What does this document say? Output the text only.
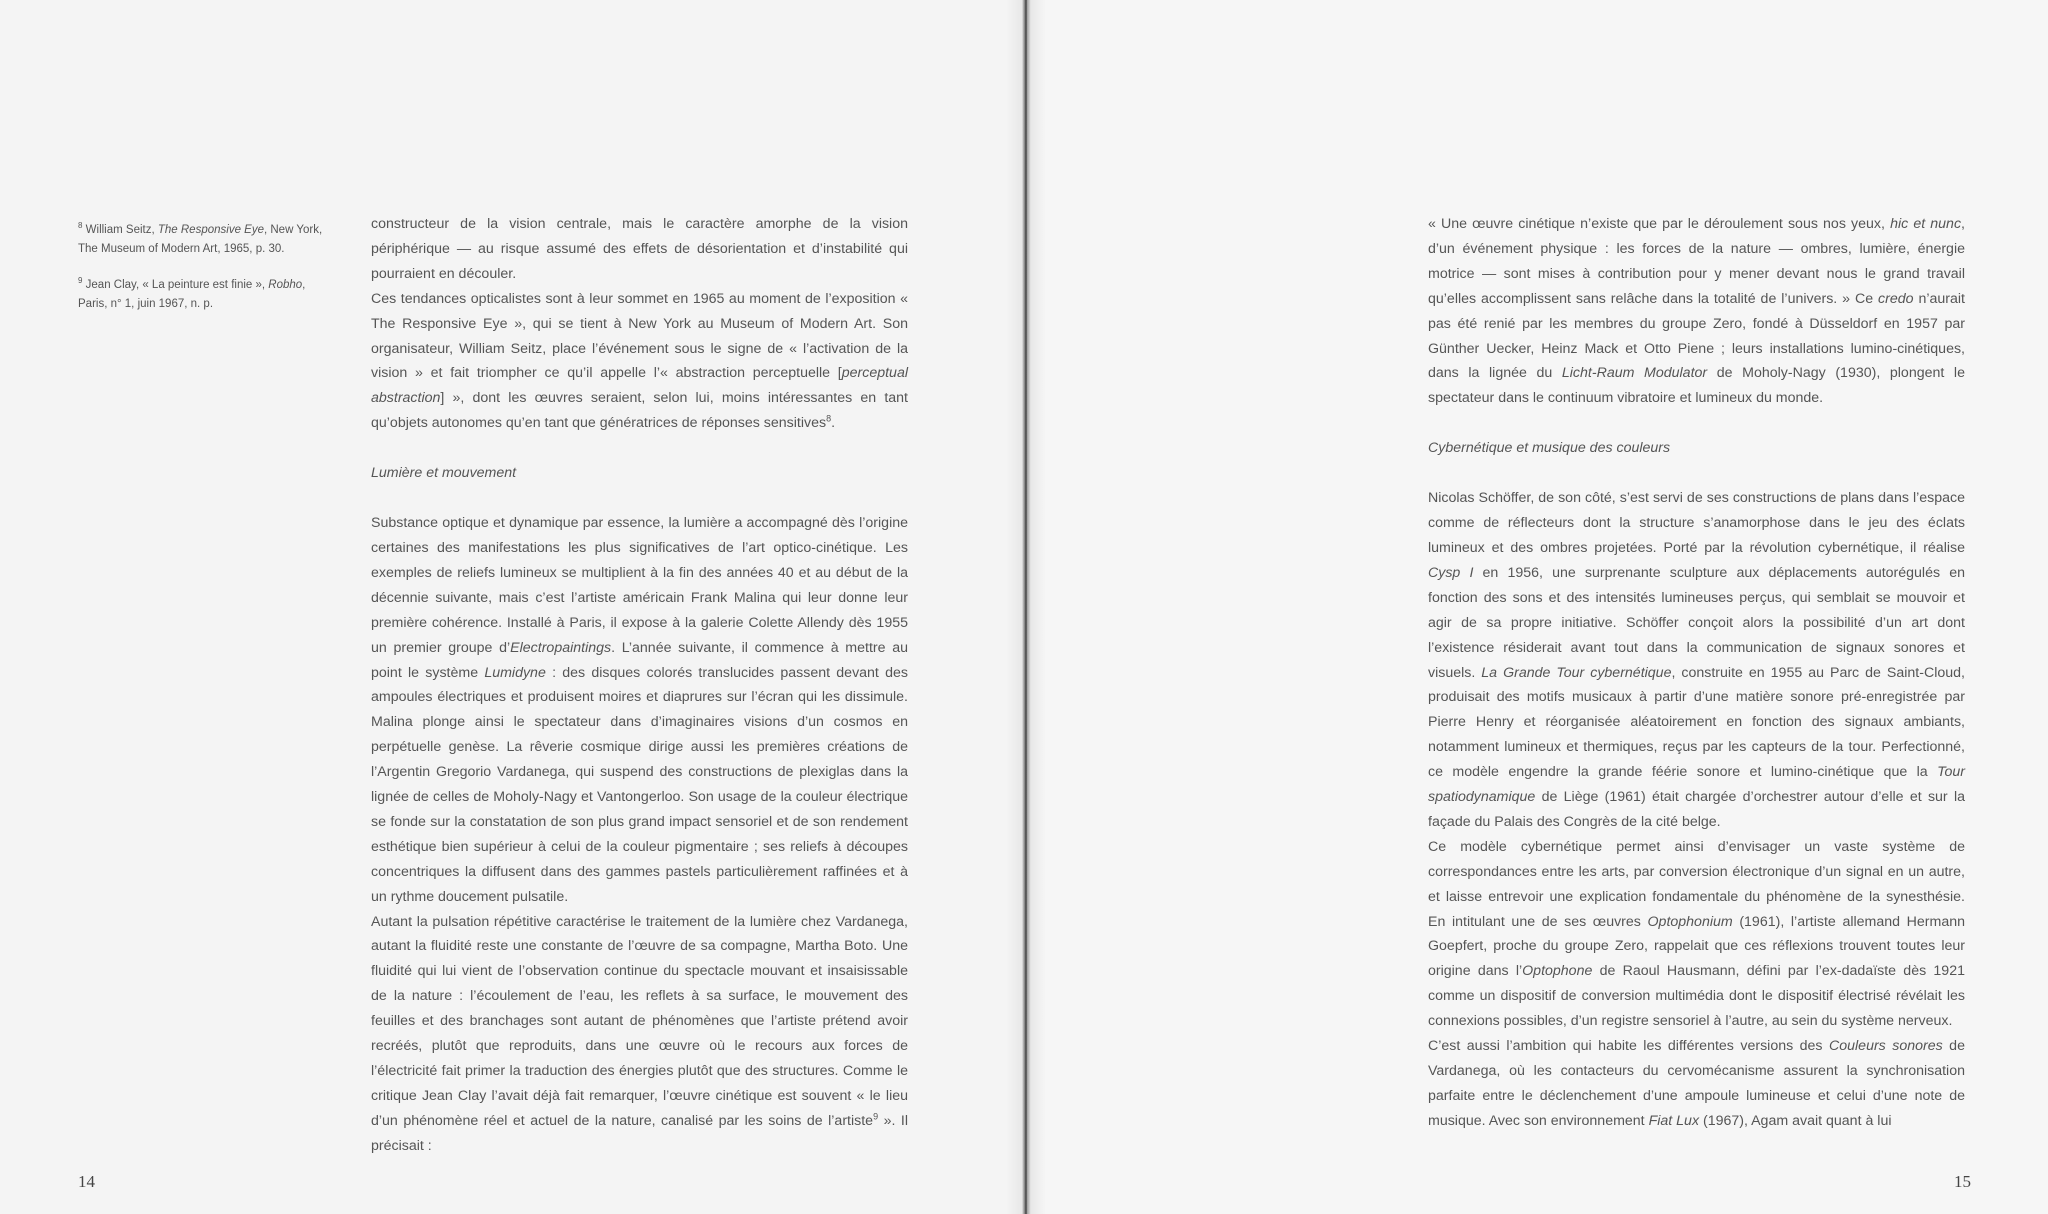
$^8$ William Seitz, The Responsive Eye, New York, The Museum of Modern Art, 1965, p. 30.

$^9$ Jean Clay, « La peinture est finie », Robho, Paris, n° 1, juin 1967, n. p.

constructeur de la vision centrale, mais le caractère amorphe de la vision périphérique — au risque assumé des effets de désorientation et d’instabilité qui pourraient en découler.

Ces tendances opticalistes sont à leur sommet en 1965 au moment de l’exposition « The Responsive Eye », qui se tient à New York au Museum of Modern Art. Son organisateur, William Seitz, place l’événement sous le signe de « l’activation de la vision » et fait triompher ce qu’il appelle l’« abstraction perceptuelle [perceptual abstraction] », dont les œuvres seraient, selon lui, moins intéressantes en tant qu’objets autonomes qu’en tant que génératrices de réponses sensitives$^8$.

Lumière et mouvement

Substance optique et dynamique par essence, la lumière a accompagné dès l’origine certaines des manifestations les plus significatives de l’art optico-cinétique. Les exemples de reliefs lumineux se multiplient à la fin des années 40 et au début de la décennie suivante, mais c’est l’artiste américain Frank Malina qui leur donne leur première cohérence. Installé à Paris, il expose à la galerie Colette Allendy dès 1955 un premier groupe d’Electropaintings. L’année suivante, il commence à mettre au point le système Lumidyne : des disques colorés translucides passent devant des ampoules électriques et produisent moires et diaprures sur l’écran qui les dissimule. Malina plonge ainsi le spectateur dans d’imaginaires visions d’un cosmos en perpétuelle genèse. La rêverie cosmique dirige aussi les premières créations de l’Argentin Gregorio Vardanega, qui suspend des constructions de plexiglas dans la lignée de celles de Moholy-Nagy et Vantongerloo. Son usage de la couleur électrique se fonde sur la constatation de son plus grand impact sensoriel et de son rendement esthétique bien supérieur à celui de la couleur pigmentaire ; ses reliefs à découpes concentriques la diffusent dans des gammes pastels particulièrement raffinées et à un rythme doucement pulsatile.

Autant la pulsation répétitive caractérise le traitement de la lumière chez Vardanega, autant la fluidité reste une constante de l’œuvre de sa compagne, Martha Boto. Une fluidité qui lui vient de l’observation continue du spectacle mouvant et insaisissable de la nature : l’écoulement de l’eau, les reflets à sa surface, le mouvement des feuilles et des branchages sont autant de phénomènes que l’artiste prétend avoir recréés, plutôt que reproduits, dans une œuvre où le recours aux forces de l’électricité fait primer la traduction des énergies plutôt que des structures. Comme le critique Jean Clay l’avait déjà fait remarquer, l’œuvre cinétique est souvent « le lieu d’un phénomène réel et actuel de la nature, canalisé par les soins de l’artiste$^9$ ». Il précisait :

14	15

« Une œuvre cinétique n’existe que par le déroulement sous nos yeux, hic et nunc, d’un événement physique : les forces de la nature — ombres, lumière, énergie motrice — sont mises à contribution pour y mener devant nous le grand travail qu’elles accomplissent sans relâche dans la totalité de l’univers. » Ce credo n’aurait pas été renié par les membres du groupe Zero, fondé à Düsseldorf en 1957 par Günther Uecker, Heinz Mack et Otto Piene ; leurs installations lumino-cinétiques, dans la lignée du Licht-Raum Modulator de Moholy-Nagy (1930), plongent le spectateur dans le continuum vibratoire et lumineux du monde.

Cybernétique et musique des couleurs

Nicolas Schöffer, de son côté, s’est servi de ses constructions de plans dans l’espace comme de réflecteurs dont la structure s’anamorphose dans le jeu des éclats lumineux et des ombres projetées. Porté par la révolution cybernétique, il réalise Cysp I en 1956, une surprenante sculpture aux déplacements autorégulés en fonction des sons et des intensités lumineuses perçus, qui semblait se mouvoir et agir de sa propre initiative. Schöffer conçoit alors la possibilité d’un art dont l’existence résiderait avant tout dans la communication de signaux sonores et visuels. La Grande Tour cybernétique, construite en 1955 au Parc de Saint-Cloud, produisait des motifs musicaux à partir d’une matière sonore pré-enregistrée par Pierre Henry et réorganisée aléatoirement en fonction des signaux ambiants, notamment lumineux et thermiques, reçus par les capteurs de la tour. Perfectionné, ce modèle engendre la grande féérie sonore et lumino-cinétique que la Tour spatiodynamique de Liège (1961) était chargée d’orchestrer autour d’elle et sur la façade du Palais des Congrès de la cité belge.

Ce modèle cybernétique permet ainsi d’envisager un vaste système de correspondances entre les arts, par conversion électronique d’un signal en un autre, et laisse entrevoir une explication fondamentale du phénomène de la synesthésie. En intitulant une de ses œuvres Optophonium (1961), l’artiste allemand Hermann Goepfert, proche du groupe Zero, rappelait que ces réflexions trouvent toutes leur origine dans l’Optophone de Raoul Hausmann, défini par l’ex-dadaïste dès 1921 comme un dispositif de conversion multimédia dont le dispositif électrisé révélait les connexions possibles, d’un registre sensoriel à l’autre, au sein du système nerveux.

C’est aussi l’ambition qui habite les différentes versions des Couleurs sonores de Vardanega, où les contacteurs du cervomécanisme assurent la synchronisation parfaite entre le déclenchement d’une ampoule lumineuse et celui d’une note de musique. Avec son environnement Fiat Lux (1967), Agam avait quant à lui
